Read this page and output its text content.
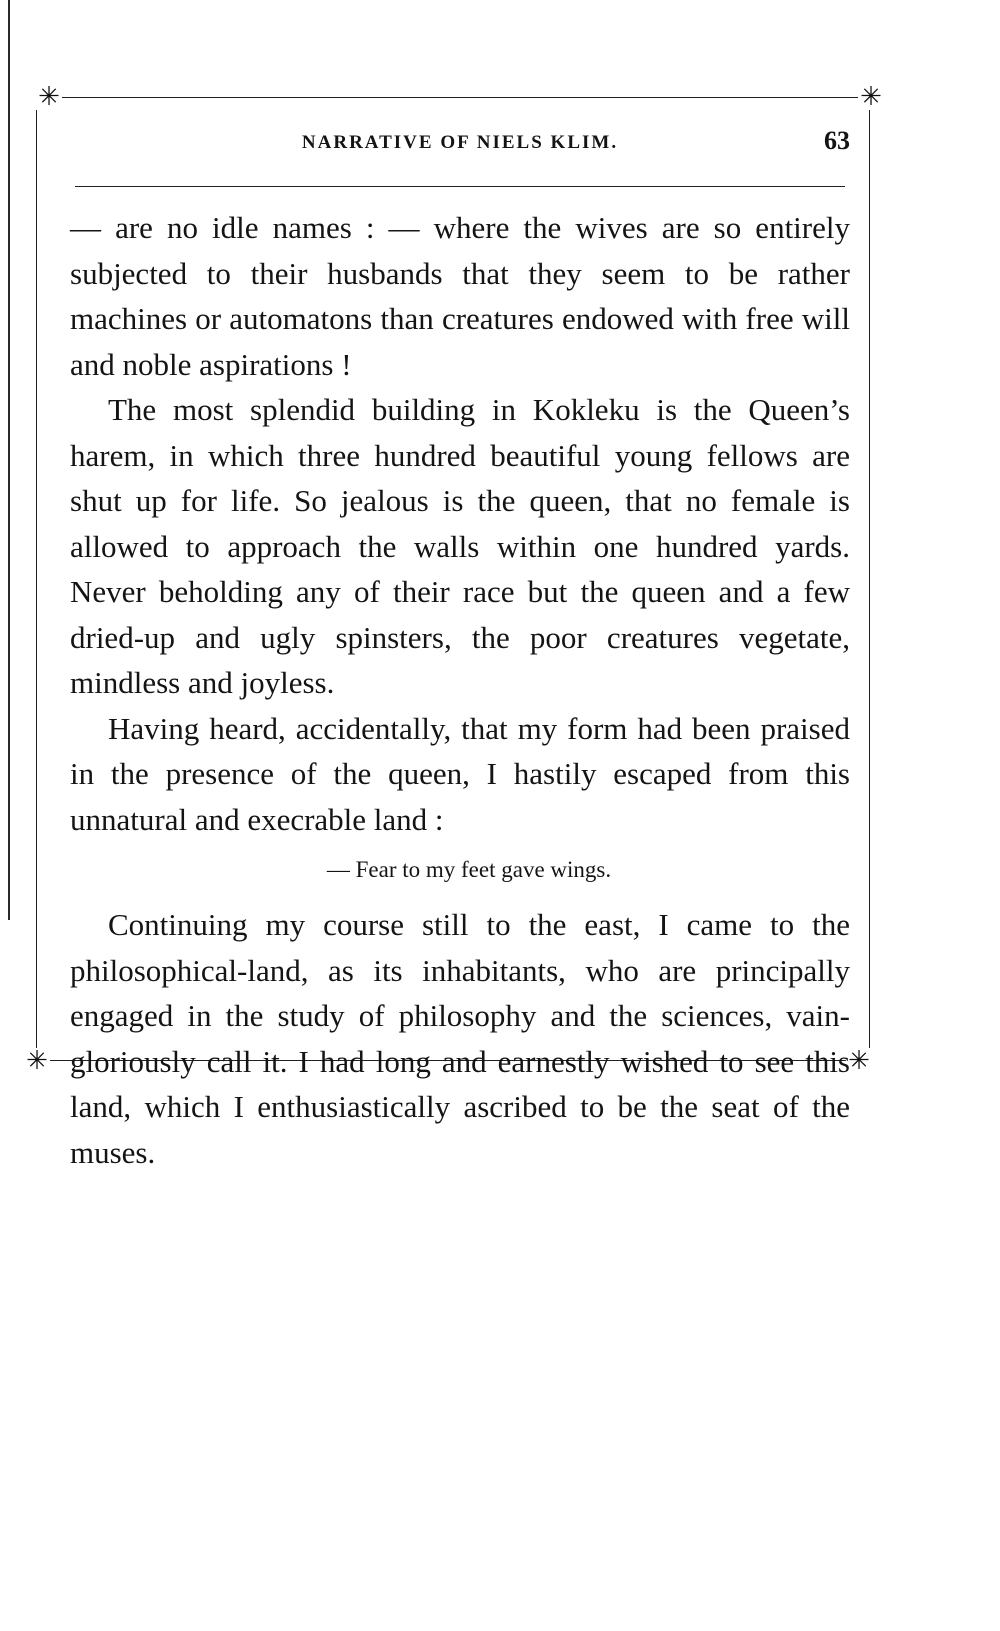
✳	✳
✳	✳
NARRATIVE OF NIELS KLIM.	63

— are no idle names : — where the wives are so entirely subjected to their husbands that they seem to be rather machines or automatons than creatures endowed with free will and noble aspirations !

The most splendid building in Kokleku is the Queen’s harem, in which three hundred beautiful young fellows are shut up for life. So jealous is the queen, that no female is allowed to approach the walls within one hundred yards. Never beholding any of their race but the queen and a few dried-up and ugly spinsters, the poor creatures vegetate, mindless and joyless.

Having heard, accidentally, that my form had been praised in the presence of the queen, I hastily escaped from this unnatural and execrable land :

— Fear to my feet gave wings.

Continuing my course still to the east, I came to the philosophical-land, as its inhabitants, who are principally engaged in the study of philosophy and the sciences, vain-gloriously call it. I had long and earnestly wished to see this land, which I enthusiastically ascribed to be the seat of the muses.
